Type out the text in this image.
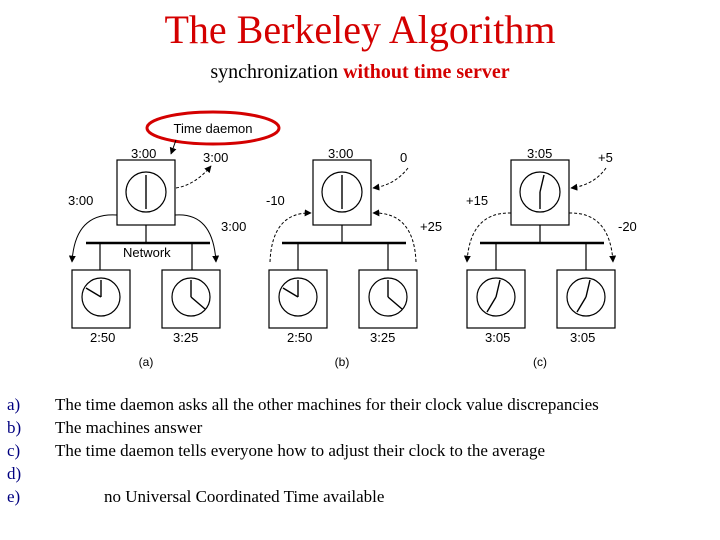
The Berkeley Algorithm
synchronization without time server
Time daemon
3:00	3:00
3:00
3:00
Network
2:50	3:25
(a)
3:00	0
-10
+25
2:50	3:25
(b)
3:05	+5
+15
-20
3:05	3:05
(c)
a) The time daemon asks all the other machines for their clock value discrepancies
b) The machines answer
c) The time daemon tells everyone how to adjust their clock to the average
d)
e)	no Universal Coordinated Time available
